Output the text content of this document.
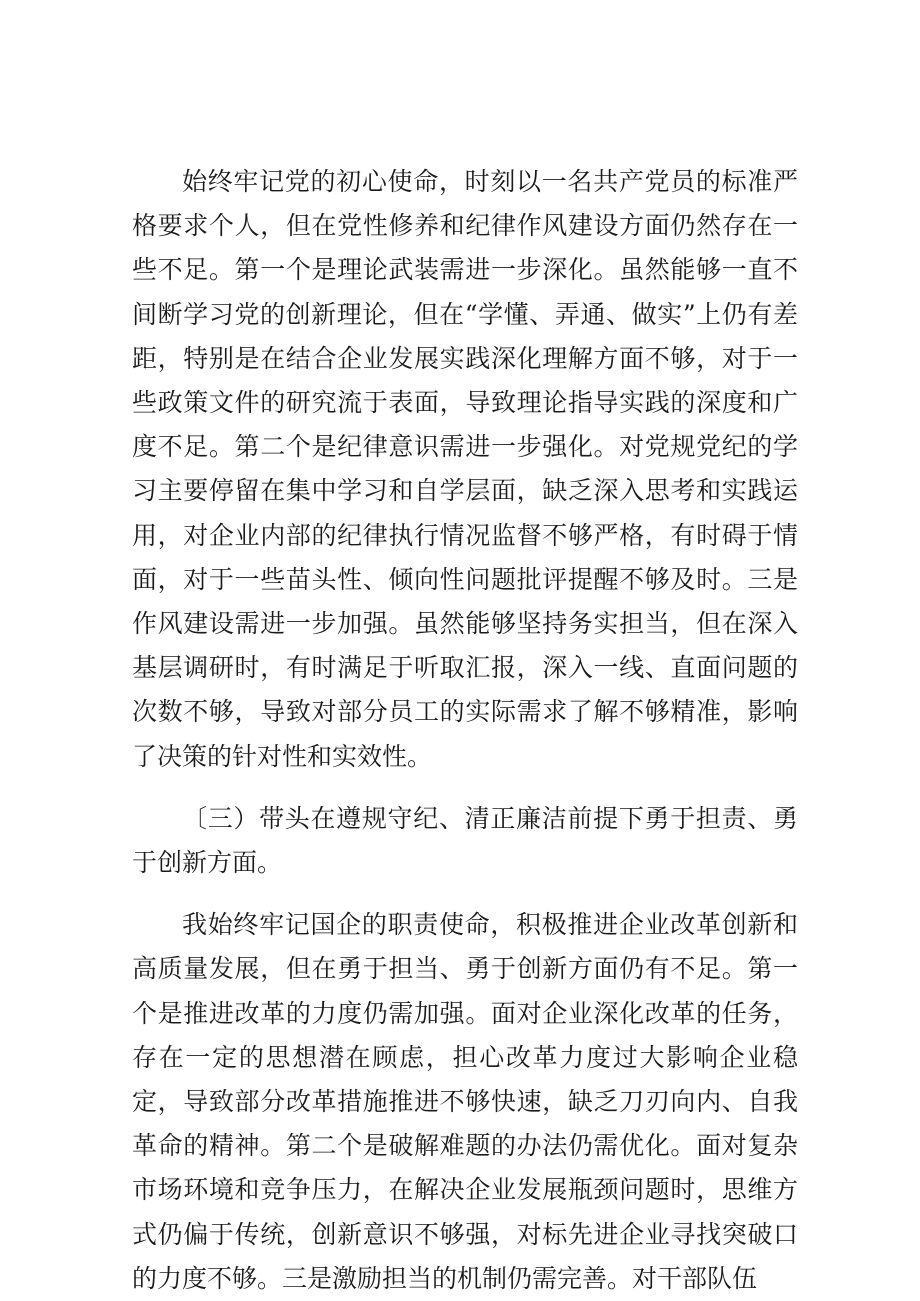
始终牢记党的初心使命，时刻以一名共产党员的标准严格要求个人，但在党性修养和纪律作风建设方面仍然存在一些不足。第一个是理论武装需进一步深化。虽然能够一直不间断学习党的创新理论，但在“学懂、弄通、做实”上仍有差距，特别是在结合企业发展实践深化理解方面不够，对于一些政策文件的研究流于表面，导致理论指导实践的深度和广度不足。第二个是纪律意识需进一步强化。对党规党纪的学习主要停留在集中学习和自学层面，缺乏深入思考和实践运用，对企业内部的纪律执行情况监督不够严格，有时碍于情面，对于一些苗头性、倾向性问题批评提醒不够及时。三是作风建设需进一步加强。虽然能够坚持务实担当，但在深入基层调研时，有时满足于听取汇报，深入一线、直面问题的次数不够，导致对部分员工的实际需求了解不够精准，影响了决策的针对性和实效性。

〔三）带头在遵规守纪、清正廉洁前提下勇于担责、勇于创新方面。

我始终牢记国企的职责使命，积极推进企业改革创新和高质量发展，但在勇于担当、勇于创新方面仍有不足。第一个是推进改革的力度仍需加强。面对企业深化改革的任务，存在一定的思想潜在顾虑，担心改革力度过大影响企业稳定，导致部分改革措施推进不够快速，缺乏刀刃向内、自我革命的精神。第二个是破解难题的办法仍需优化。面对复杂市场环境和竞争压力，在解决企业发展瓶颈问题时，思维方式仍偏于传统，创新意识不够强，对标先进企业寻找突破口的力度不够。三是激励担当的机制仍需完善。对干部队伍
